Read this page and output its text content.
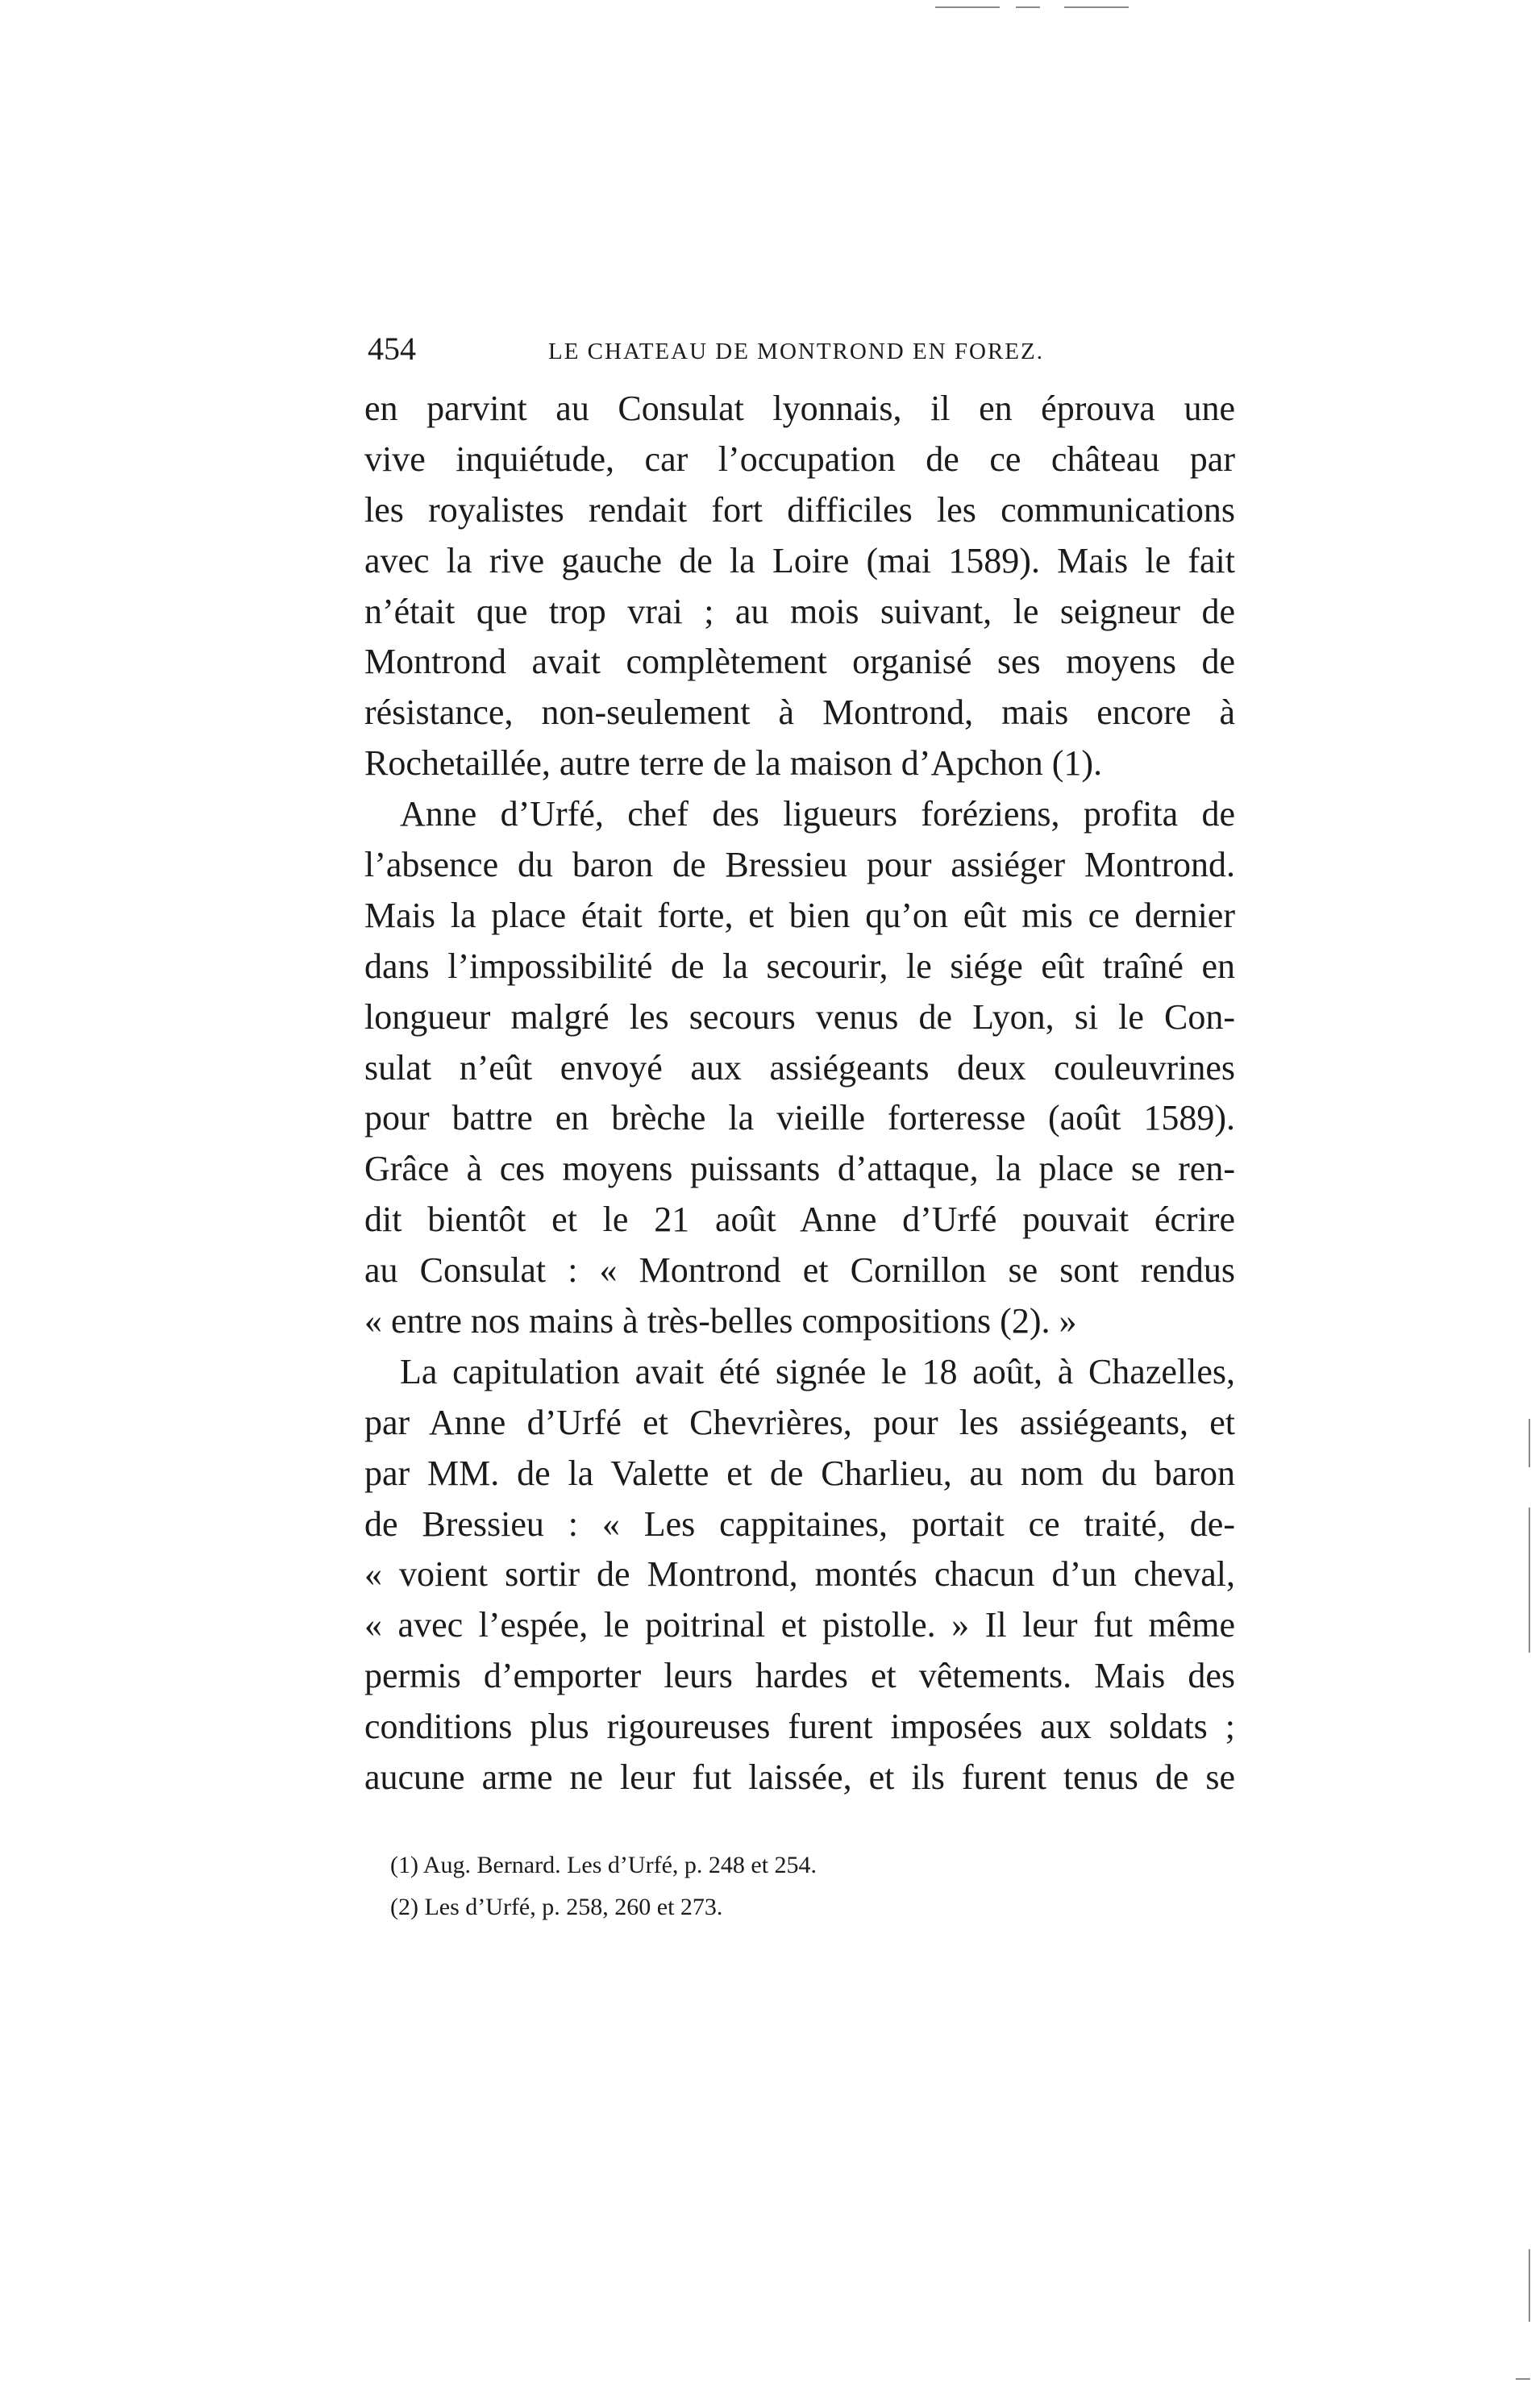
454	LE CHATEAU DE MONTROND EN FOREZ.
en parvint au Consulat lyonnais, il en éprouva une
vive inquiétude, car l’occupation de ce château par
les royalistes rendait fort difficiles les communications
avec la rive gauche de la Loire (mai 1589). Mais le fait
n’était que trop vrai ; au mois suivant, le seigneur de
Montrond avait complètement organisé ses moyens de
résistance, non-seulement à Montrond, mais encore à
Rochetaillée, autre terre de la maison d’Apchon (1).
Anne d’Urfé, chef des ligueurs foréziens, profita de
l’absence du baron de Bressieu pour assiéger Montrond.
Mais la place était forte, et bien qu’on eût mis ce dernier
dans l’impossibilité de la secourir, le siége eût traîné en
longueur malgré les secours venus de Lyon, si le Con-
sulat n’eût envoyé aux assiégeants deux couleuvrines
pour battre en brèche la vieille forteresse (août 1589).
Grâce à ces moyens puissants d’attaque, la place se ren-
dit bientôt et le 21 août Anne d’Urfé pouvait écrire
au Consulat : « Montrond et Cornillon se sont rendus
« entre nos mains à très-belles compositions (2). »
La capitulation avait été signée le 18 août, à Chazelles,
par Anne d’Urfé et Chevrières, pour les assiégeants, et
par MM. de la Valette et de Charlieu, au nom du baron
de Bressieu : « Les cappitaines, portait ce traité, de-
« voient sortir de Montrond, montés chacun d’un cheval,
« avec l’espée, le poitrinal et pistolle. » Il leur fut même
permis d’emporter leurs hardes et vêtements. Mais des
conditions plus rigoureuses furent imposées aux soldats ;
aucune arme ne leur fut laissée, et ils furent tenus de se
(1) Aug. Bernard. Les d’Urfé, p. 248 et 254.
(2) Les d’Urfé, p. 258, 260 et 273.
